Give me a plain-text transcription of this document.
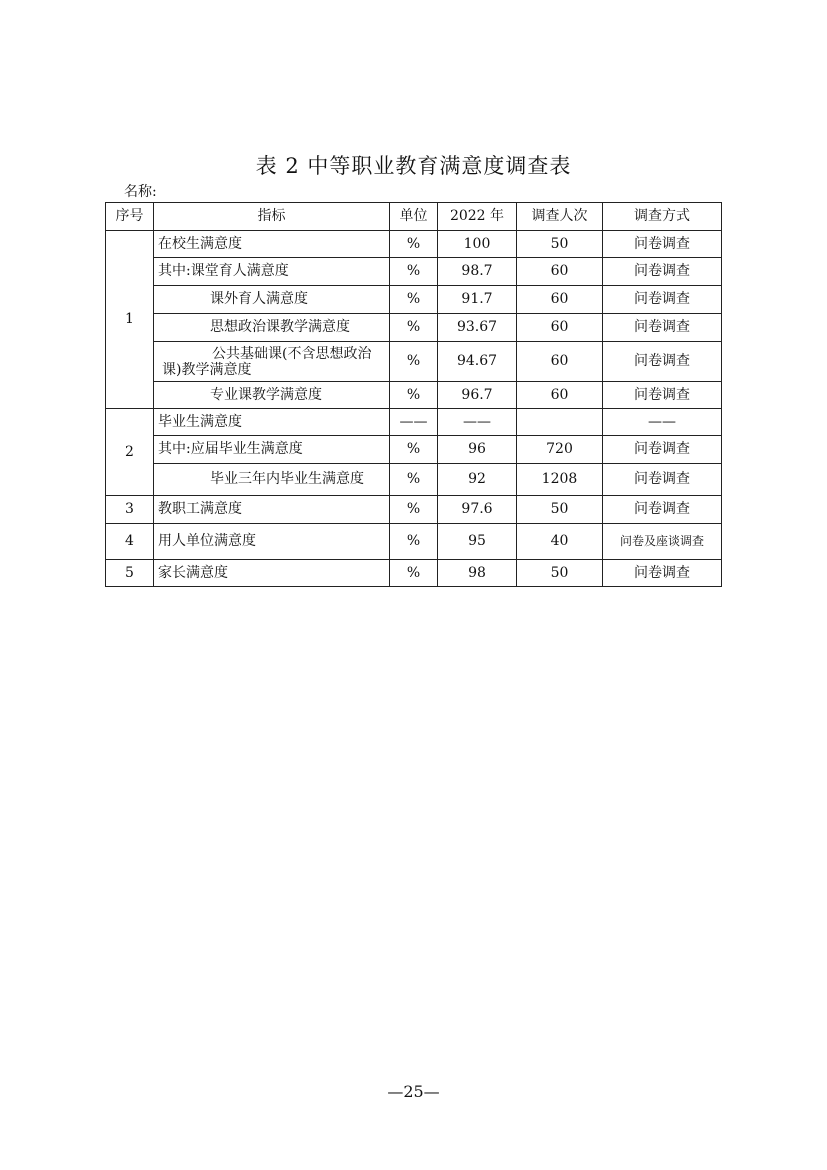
表 2 中等职业教育满意度调查表
名称:
序号	指标	单位	2022 年	调查人次	调查方式
1	在校生满意度	%	100	50	问卷调查
	其中:课堂育人满意度	%	98.7	60	问卷调查
	课外育人满意度	%	91.7	60	问卷调查
	思想政治课教学满意度	%	93.67	60	问卷调查
	公共基础课(不含思想政治课)教学满意度	%	94.67	60	问卷调查
	专业课教学满意度	%	96.7	60	问卷调查
2	毕业生满意度	——	——		——
	其中:应届毕业生满意度	%	96	720	问卷调查
	毕业三年内毕业生满意度	%	92	1208	问卷调查
3	教职工满意度	%	97.6	50	问卷调查
4	用人单位满意度	%	95	40	问卷及座谈调查
5	家长满意度	%	98	50	问卷调查
—25—
